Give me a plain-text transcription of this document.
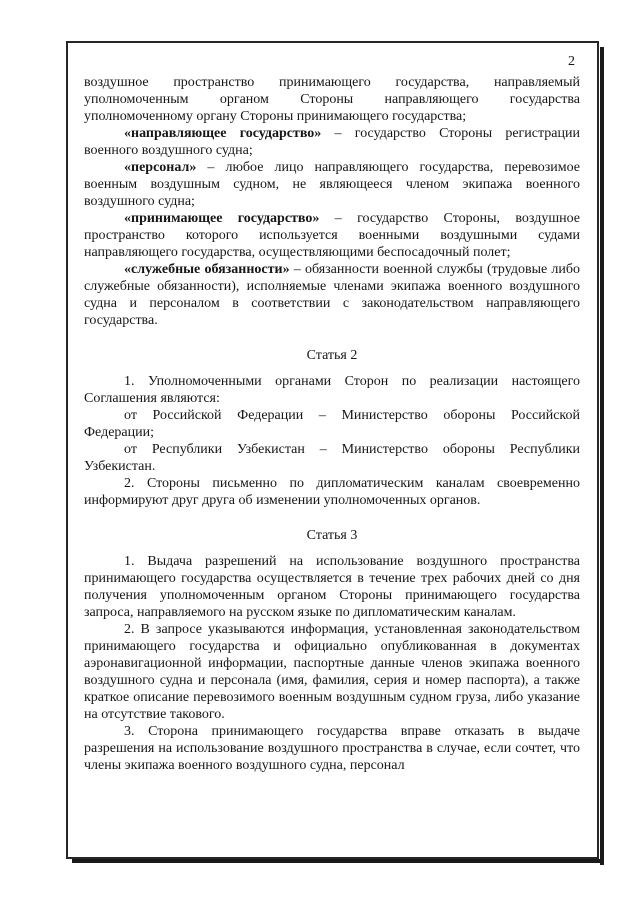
2

воздушное пространство принимающего государства, направляемый уполномоченным органом Стороны направляющего государства уполномоченному органу Стороны принимающего государства;

«направляющее государство» – государство Стороны регистрации военного воздушного судна;

«персонал» – любое лицо направляющего государства, перевозимое военным воздушным судном, не являющееся членом экипажа военного воздушного судна;

«принимающее государство» – государство Стороны, воздушное пространство которого используется военными воздушными судами направляющего государства, осуществляющими беспосадочный полет;

«служебные обязанности» – обязанности военной службы (трудовые либо служебные обязанности), исполняемые членами экипажа военного воздушного судна и персоналом в соответствии с законодательством направляющего государства.

Статья 2

1. Уполномоченными органами Сторон по реализации настоящего Соглашения являются:

от Российской Федерации – Министерство обороны Российской Федерации;

от Республики Узбекистан – Министерство обороны Республики Узбекистан.

2. Стороны письменно по дипломатическим каналам своевременно информируют друг друга об изменении уполномоченных органов.

Статья 3

1. Выдача разрешений на использование воздушного пространства принимающего государства осуществляется в течение трех рабочих дней со дня получения уполномоченным органом Стороны принимающего государства запроса, направляемого на русском языке по дипломатическим каналам.

2. В запросе указываются информация, установленная законодательством принимающего государства и официально опубликованная в документах аэронавигационной информации, паспортные данные членов экипажа военного воздушного судна и персонала (имя, фамилия, серия и номер паспорта), а также краткое описание перевозимого военным воздушным судном груза, либо указание на отсутствие такового.

3. Сторона принимающего государства вправе отказать в выдаче разрешения на использование воздушного пространства в случае, если сочтет, что члены экипажа военного воздушного судна, персонал
